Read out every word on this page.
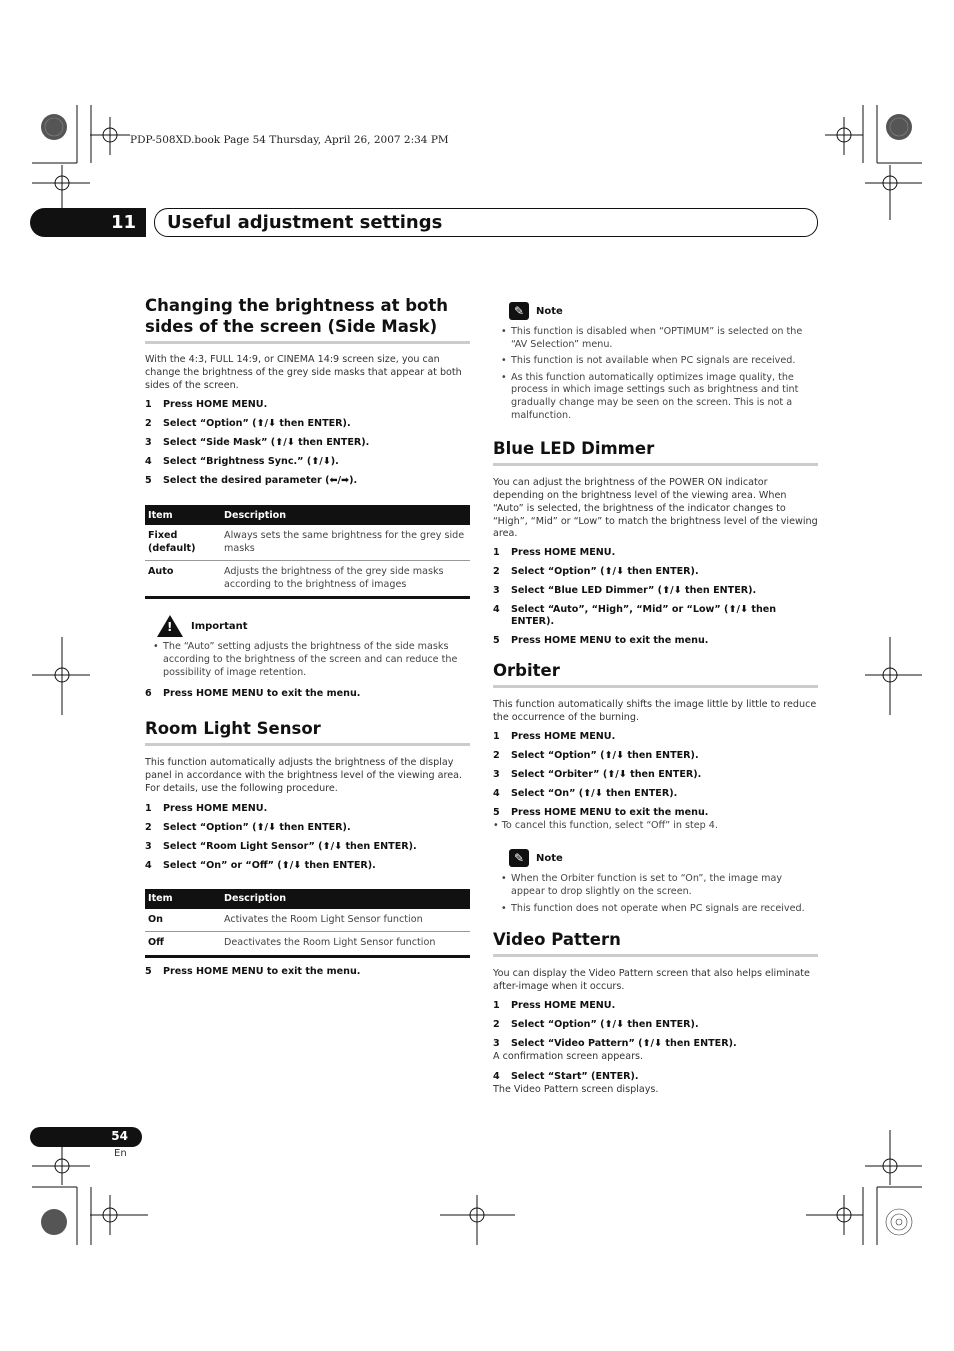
PDP-508XD.book Page 54 Thursday, April 26, 2007 2:34 PM
11	Useful adjustment settings
Changing the brightness at both sides of the screen (Side Mask)

With the 4:3, FULL 14:9, or CINEMA 14:9 screen size, you can change the brightness of the grey side masks that appear at both sides of the screen.

1	Press HOME MENU.
2	Select “Option” (⬆/⬇ then ENTER).
3	Select “Side Mask” (⬆/⬇ then ENTER).
4	Select “Brightness Sync.” (⬆/⬇).
5	Select the desired parameter (⬅/➡).
Item	Description
Fixed (default)	Always sets the same brightness for the grey side masks
Auto	Adjusts the brightness of the grey side masks according to the brightness of images
! Important
• The “Auto” setting adjusts the brightness of the side masks according to the brightness of the screen and can reduce the possibility of image retention.
6	Press HOME MENU to exit the menu.
Room Light Sensor

This function automatically adjusts the brightness of the display panel in accordance with the brightness level of the viewing area. For details, use the following procedure.

1	Press HOME MENU.
2	Select “Option” (⬆/⬇ then ENTER).
3	Select “Room Light Sensor” (⬆/⬇ then ENTER).
4	Select “On” or “Off” (⬆/⬇ then ENTER).
Item	Description
On	Activates the Room Light Sensor function
Off	Deactivates the Room Light Sensor function
5	Press HOME MENU to exit the menu.
✎	Note
• This function is disabled when “OPTIMUM” is selected on the “AV Selection” menu.
• This function is not available when PC signals are received.
• As this function automatically optimizes image quality, the process in which image settings such as brightness and tint gradually change may be seen on the screen. This is not a malfunction.
Blue LED Dimmer

You can adjust the brightness of the POWER ON indicator depending on the brightness level of the viewing area. When “Auto” is selected, the brightness of the indicator changes to “High”, “Mid” or “Low” to match the brightness level of the viewing area.

1	Press HOME MENU.
2	Select “Option” (⬆/⬇ then ENTER).
3	Select “Blue LED Dimmer” (⬆/⬇ then ENTER).
4	Select “Auto”, “High”, “Mid” or “Low” (⬆/⬇ then ENTER).
5	Press HOME MENU to exit the menu.
Orbiter

This function automatically shifts the image little by little to reduce the occurrence of the burning.

1	Press HOME MENU.
2	Select “Option” (⬆/⬇ then ENTER).
3	Select “Orbiter” (⬆/⬇ then ENTER).
4	Select “On” (⬆/⬇ then ENTER).
5	Press HOME MENU to exit the menu.
• To cancel this function, select “Off” in step 4.
✎	Note
• When the Orbiter function is set to “On”, the image may appear to drop slightly on the screen.
• This function does not operate when PC signals are received.
Video Pattern

You can display the Video Pattern screen that also helps eliminate after-image when it occurs.

1	Press HOME MENU.
2	Select “Option” (⬆/⬇ then ENTER).
3	Select “Video Pattern” (⬆/⬇ then ENTER).

A confirmation screen appears.

4	Select “Start” (ENTER).

The Video Pattern screen displays.

54
En
